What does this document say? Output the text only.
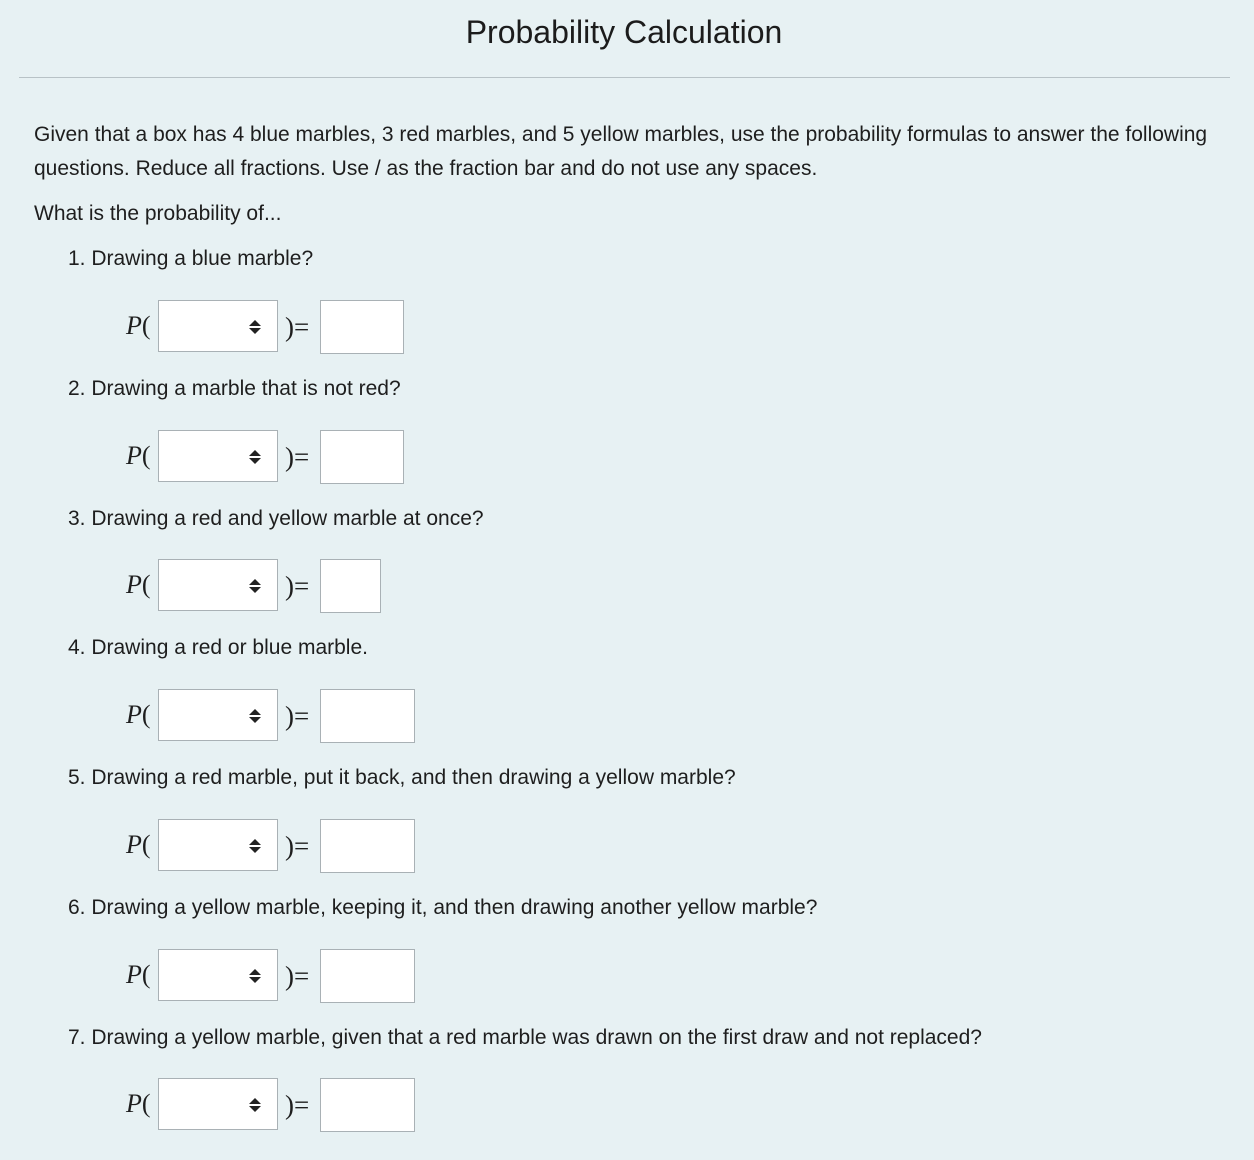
Probability Calculation
Given that a box has 4 blue marbles, 3 red marbles, and 5 yellow marbles, use the probability formulas to answer the following questions. Reduce all fractions. Use / as the fraction bar and do not use any spaces.
What is the probability of...
1. Drawing a blue marble?
P(	)=
2. Drawing a marble that is not red?
P(	)=
3. Drawing a red and yellow marble at once?
P(	)=
4. Drawing a red or blue marble.
P(	)=
5. Drawing a red marble, put it back, and then drawing a yellow marble?
P(	)=
6. Drawing a yellow marble, keeping it, and then drawing another yellow marble?
P(	)=
7. Drawing a yellow marble, given that a red marble was drawn on the first draw and not replaced?
P(	)=
